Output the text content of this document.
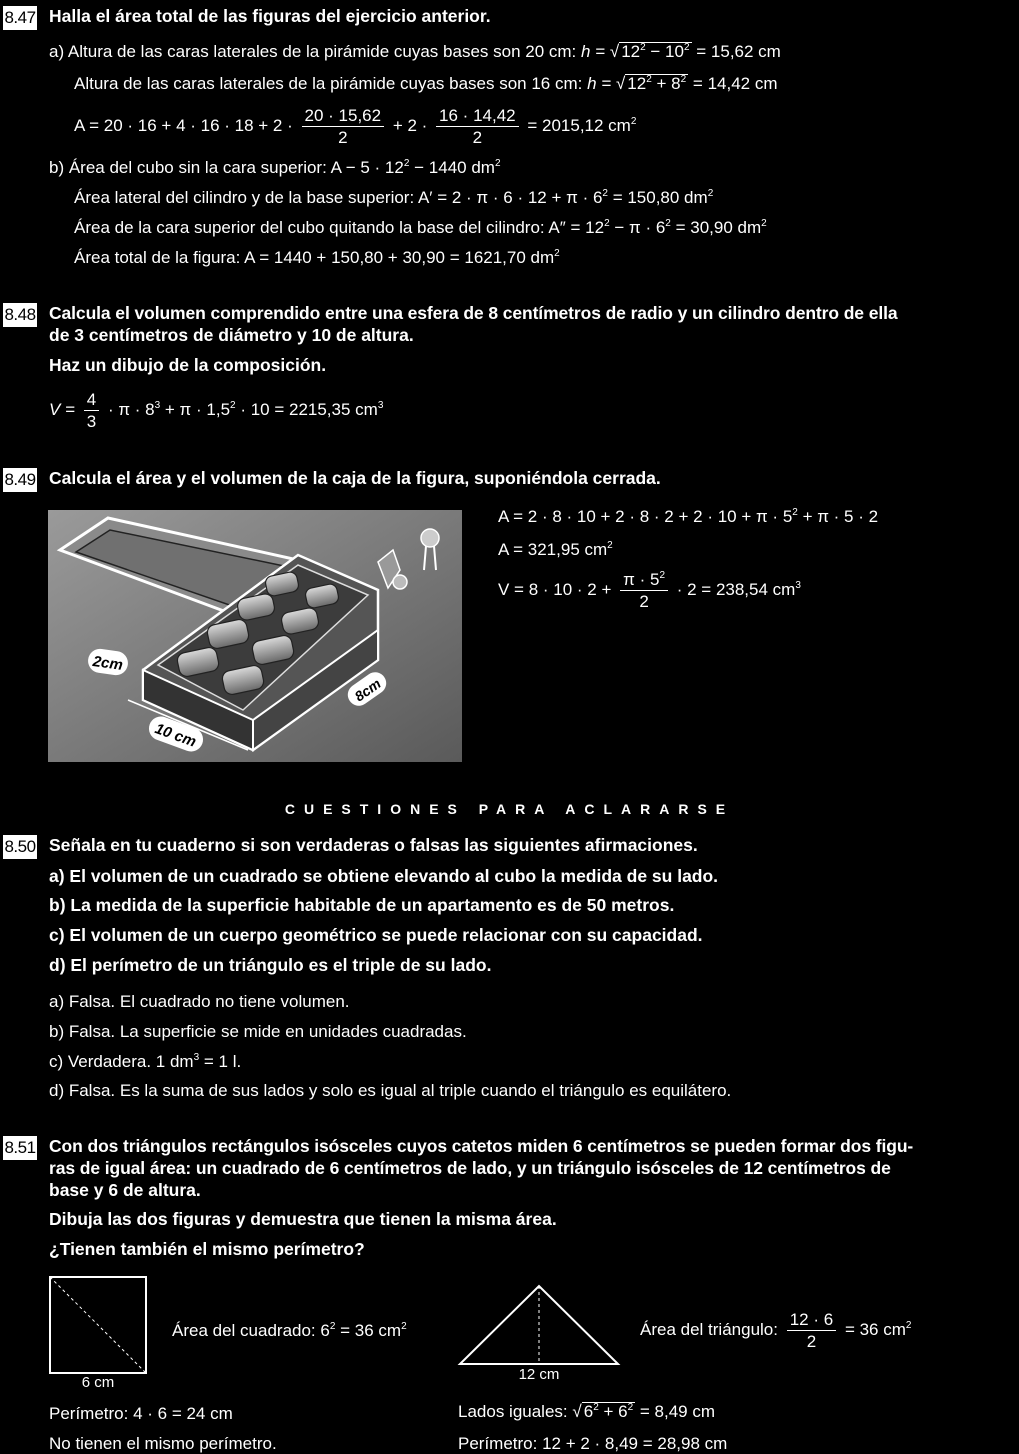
8.47 Halla el área total de las figuras del ejercicio anterior.
a) Altura de las caras laterales de la pirámide cuyas bases son 20 cm: h = √ $12^2 - 10^2 = 15,62$ cm
Altura de las caras laterales de la pirámide cuyas bases son 16 cm: h = √ $12^2 + 8^2 = 14,42$ cm
$A = 20 \cdot 16 + 4 \cdot 16 \cdot 18 + 2 \cdot \frac{20 \cdot 15,62}{2} + 2 \cdot \frac{16 \cdot 14,42}{2} = 2015,12$ $cm^2$
b) Área del cubo sin la cara superior: $A - 5 \cdot 12^2 - 1440$ $dm^2$
Área lateral del cilindro y de la base superior: $A' = 2 \cdot \pi \cdot 6 \cdot 12 + \pi \cdot 6^2 = 150,80$ $dm^2$
Área de la cara superior del cubo quitando la base del cilindro: $A'' = 12^2 - \pi \cdot 6^2 = 30,90$ $dm^2$
Área total de la figura: A = 1440 + 150,80 + 30,90 = 1621,70 $dm^2$
8.48 Calcula el volumen comprendido entre una esfera de 8 centímetros de radio y un cilindro dentro de ella
de 3 centímetros de diámetro y 10 de altura.
Haz un dibujo de la composición.
$V = \frac{4}{3} \cdot \pi \cdot 8^3 + \pi \cdot 1,5^2 \cdot 10 = 2215,35$ $cm^3$
8.49 Calcula el área y el volumen de la caja de la figura, suponiéndola cerrada.
2cm
8cm
10 cm
$A = 2 \cdot 8 \cdot 10 + 2 \cdot 8 \cdot 2 + 2 \cdot 10 + \pi \cdot 5^2 + \pi \cdot 5 \cdot 2$
A = 321,95 $cm^2$
$V = 8 \cdot 10 \cdot 2 + \frac{\pi \cdot 5^2}{2} \cdot 2 = 238,54$ $cm^3$
CUESTIONES PARA ACLARARSE
8.50 Señala en tu cuaderno si son verdaderas o falsas las siguientes afirmaciones.
a) El volumen de un cuadrado se obtiene elevando al cubo la medida de su lado.
b) La medida de la superficie habitable de un apartamento es de 50 metros.
c) El volumen de un cuerpo geométrico se puede relacionar con su capacidad.
d) El perímetro de un triángulo es el triple de su lado.
a) Falsa. El cuadrado no tiene volumen.
b) Falsa. La superficie se mide en unidades cuadradas.
c) Verdadera. 1 $dm^3 = 1$ l.
d) Falsa. Es la suma de sus lados y solo es igual al triple cuando el triángulo es equilátero.
8.51 Con dos triángulos rectángulos isósceles cuyos catetos miden 6 centímetros se pueden formar dos figu-
ras de igual área: un cuadrado de 6 centímetros de lado, y un triángulo isósceles de 12 centímetros de
base y 6 de altura.
Dibuja las dos figuras y demuestra que tienen la misma área.
¿Tienen también el mismo perímetro?
6 cm
Área del cuadrado: $6^2 = 36$ $cm^2$
12 cm
Área del triángulo: $\frac{12 \cdot 6}{2} = 36$ $cm^2$
Perímetro: 4 · 6 = 24 cm
No tienen el mismo perímetro.
Lados iguales: √ $6^2 + 6^2 = 8,49$ cm
Perímetro: 12 + 2 · 8,49 = 28,98 cm
